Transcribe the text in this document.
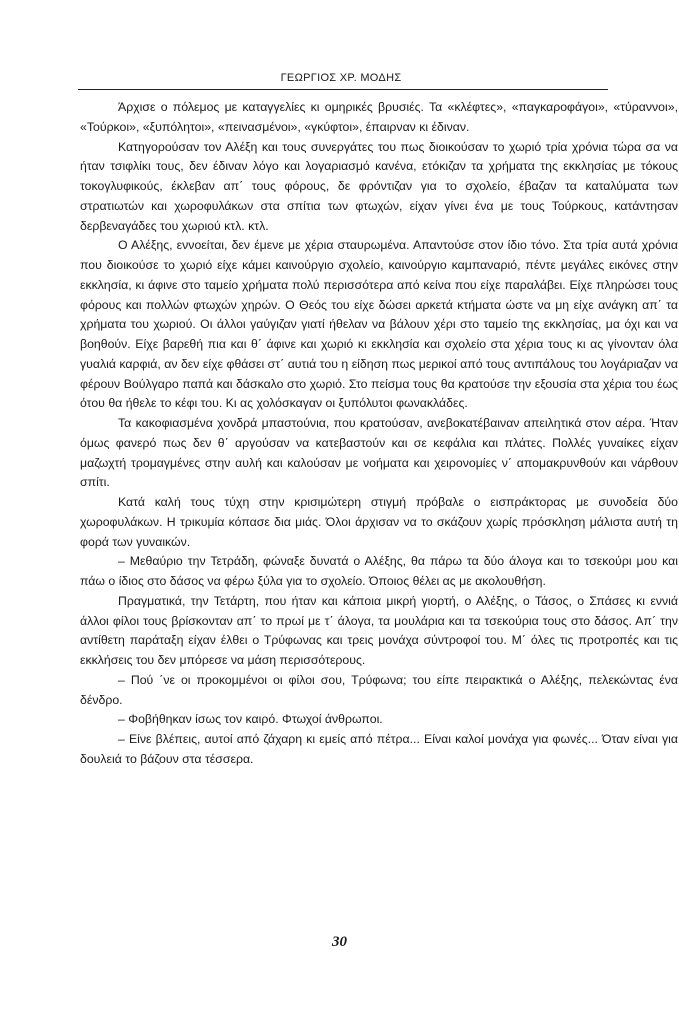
ΓΕΩΡΓΙΟΣ ΧΡ. ΜΟΔΗΣ

Άρχισε ο πόλεμος με καταγγελίες κι ομηρικές βρυσιές. Τα «κλέφτες», «παγκαροφάγοι», «τύραννοι», «Τούρκοι», «ξυπόλητοι», «πεινασμένοι», «γκύφτοι», έπαιρναν κι έδιναν.

Κατηγορούσαν τον Αλέξη και τους συνεργάτες του πως διοικούσαν το χωριό τρία χρόνια τώρα σα να ήταν τσιφλίκι τους, δεν έδιναν λόγο και λογαριασμό κανένα, ετόκιζαν τα χρήματα της εκκλησίας με τόκους τοκογλυφικούς, έκλεβαν απ΄ τους φόρους, δε φρόντιζαν για το σχολείο, έβαζαν τα καταλύματα των στρατιωτών και χωροφυλάκων στα σπίτια των φτωχών, είχαν γίνει ένα με τους Τούρκους, κατάντησαν δερβεναγάδες του χωριού κτλ. κτλ.

Ο Αλέξης, εννοείται, δεν έμενε με χέρια σταυρωμένα. Απαντούσε στον ίδιο τόνο. Στα τρία αυτά χρόνια που διοικούσε το χωριό είχε κάμει καινούργιο σχολείο, καινούργιο καμπαναριό, πέντε μεγάλες εικόνες στην εκκλησία, κι άφινε στο ταμείο χρήματα πολύ περισσότερα από κείνα που είχε παραλάβει. Είχε πληρώσει τους φόρους και πολλών φτωχών χηρών. Ο Θεός του είχε δώσει αρκετά κτήματα ώστε να μη είχε ανάγκη απ΄ τα χρήματα του χωριού. Οι άλλοι γαύγιζαν γιατί ήθελαν να βάλουν χέρι στο ταμείο της εκκλησίας, μα όχι και να βοηθούν. Είχε βαρεθή πια και θ΄ άφινε και χωριό κι εκκλησία και σχολείο στα χέρια τους κι ας γίνονταν όλα γυαλιά καρφιά, αν δεν είχε φθάσει στ΄ αυτιά του η είδηση πως μερικοί από τους αντιπάλους του λογάριαζαν να φέρουν Βούλγαρο παπά και δάσκαλο στο χωριό. Στο πείσμα τους θα κρατούσε την εξουσία στα χέρια του έως ότου θα ήθελε το κέφι του. Κι ας χολόσκαγαν οι ξυπόλυτοι φωνακλάδες.

Τα κακοφιασμένα χονδρά μπαστούνια, που κρατούσαν, ανεβοκατέβαιναν απειλητικά στον αέρα. Ήταν όμως φανερό πως δεν θ΄ αργούσαν να κατεβαστούν και σε κεφάλια και πλάτες. Πολλές γυναίκες είχαν μαζωχτή τρομαγμένες στην αυλή και καλούσαν με νοήματα και χειρονομίες ν΄ απομακρυνθούν και νάρθουν σπίτι.

Κατά καλή τους τύχη στην κρισιμώτερη στιγμή πρόβαλε ο εισπράκτορας με συνοδεία δύο χωροφυλάκων. Η τρικυμία κόπασε δια μιάς. Όλοι άρχισαν να το σκάζουν χωρίς πρόσκληση μάλιστα αυτή τη φορά των γυναικών.

– Μεθαύριο την Τετράδη, φώναξε δυνατά ο Αλέξης, θα πάρω τα δύο άλογα και το τσεκούρι μου και πάω ο ίδιος στο δάσος να φέρω ξύλα για το σχολείο. Όποιος θέλει ας με ακολουθήση.

Πραγματικά, την Τετάρτη, που ήταν και κάποια μικρή γιορτή, ο Αλέξης, ο Τάσος, ο Σπάσες κι εννιά άλλοι φίλοι τους βρίσκονταν απ΄ το πρωί με τ΄ άλογα, τα μουλάρια και τα τσεκούρια τους στο δάσος. Απ΄ την αντίθετη παράταξη είχαν έλθει ο Τρύφωνας και τρεις μονάχα σύντροφοί του. Μ΄ όλες τις προτροπές και τις εκκλήσεις του δεν μπόρεσε να μάση περισσότερους.

– Πού ΄νε οι προκομμένοι οι φίλοι σου, Τρύφωνα; του είπε πειρακτικά ο Αλέξης, πελεκώντας ένα δένδρο.

– Φοβήθηκαν ίσως τον καιρό. Φτωχοί άνθρωποι.

– Είνε βλέπεις, αυτοί από ζάχαρη κι εμείς από πέτρα... Είναι καλοί μονάχα για φωνές... Όταν είναι για δουλειά το βάζουν στα τέσσερα.

30
